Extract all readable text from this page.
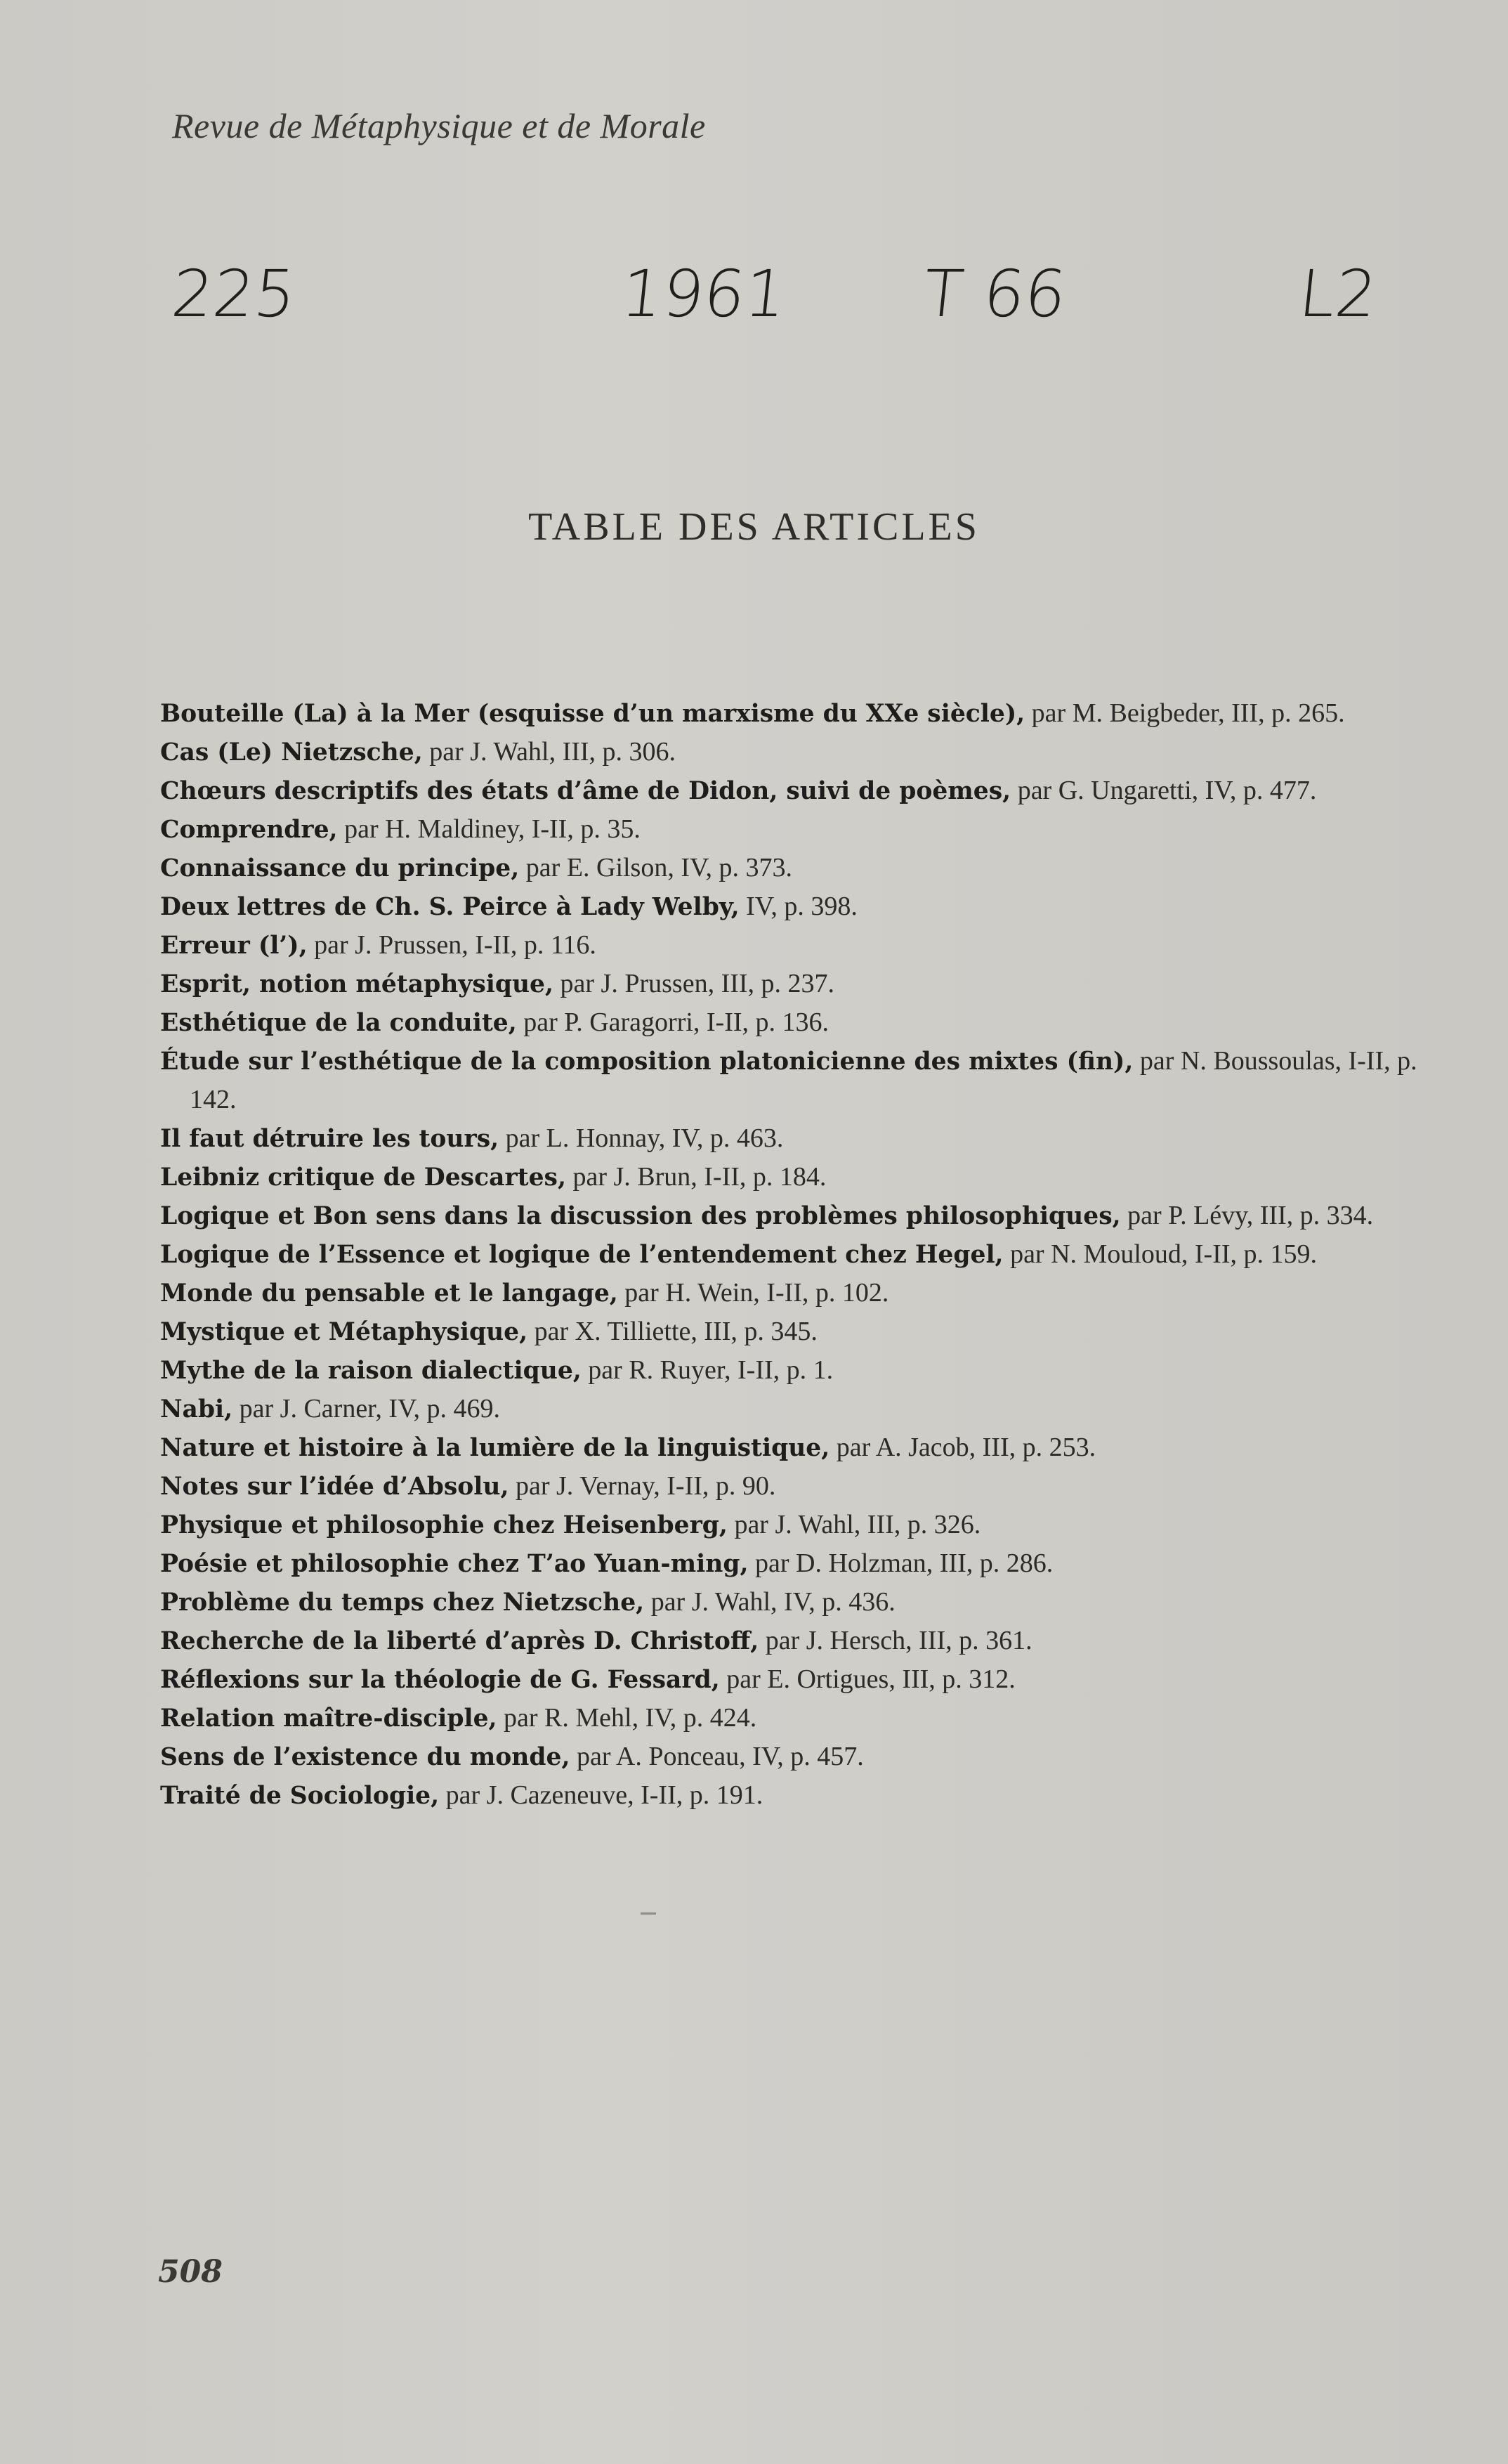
Revue de Métaphysique et de Morale
225	1961 T 66	L2
TABLE DES ARTICLES
Bouteille (La) à la Mer (esquisse d’un marxisme du XXe siècle), par M. Beigbeder, III, p. 265.
Cas (Le) Nietzsche, par J. Wahl, III, p. 306.
Chœurs descriptifs des états d’âme de Didon, suivi de poèmes, par G. Ungaretti, IV, p. 477.
Comprendre, par H. Maldiney, I-II, p. 35.
Connaissance du principe, par E. Gilson, IV, p. 373.
Deux lettres de Ch. S. Peirce à Lady Welby, IV, p. 398.
Erreur (l’), par J. Prussen, I-II, p. 116.
Esprit, notion métaphysique, par J. Prussen, III, p. 237.
Esthétique de la conduite, par P. Garagorri, I-II, p. 136.
Étude sur l’esthétique de la composition platonicienne des mixtes (fin), par N. Boussoulas, I-II, p. 142.
Il faut détruire les tours, par L. Honnay, IV, p. 463.
Leibniz critique de Descartes, par J. Brun, I-II, p. 184.
Logique et Bon sens dans la discussion des problèmes philosophiques, par P. Lévy, III, p. 334.
Logique de l’Essence et logique de l’entendement chez Hegel, par N. Mouloud, I-II, p. 159.
Monde du pensable et le langage, par H. Wein, I-II, p. 102.
Mystique et Métaphysique, par X. Tilliette, III, p. 345.
Mythe de la raison dialectique, par R. Ruyer, I-II, p. 1.
Nabi, par J. Carner, IV, p. 469.
Nature et histoire à la lumière de la linguistique, par A. Jacob, III, p. 253.
Notes sur l’idée d’Absolu, par J. Vernay, I-II, p. 90.
Physique et philosophie chez Heisenberg, par J. Wahl, III, p. 326.
Poésie et philosophie chez T’ao Yuan-ming, par D. Holzman, III, p. 286.
Problème du temps chez Nietzsche, par J. Wahl, IV, p. 436.
Recherche de la liberté d’après D. Christoff, par J. Hersch, III, p. 361.
Réflexions sur la théologie de G. Fessard, par E. Ortigues, III, p. 312.
Relation maître-disciple, par R. Mehl, IV, p. 424.
Sens de l’existence du monde, par A. Ponceau, IV, p. 457.
Traité de Sociologie, par J. Cazeneuve, I-II, p. 191.
508
